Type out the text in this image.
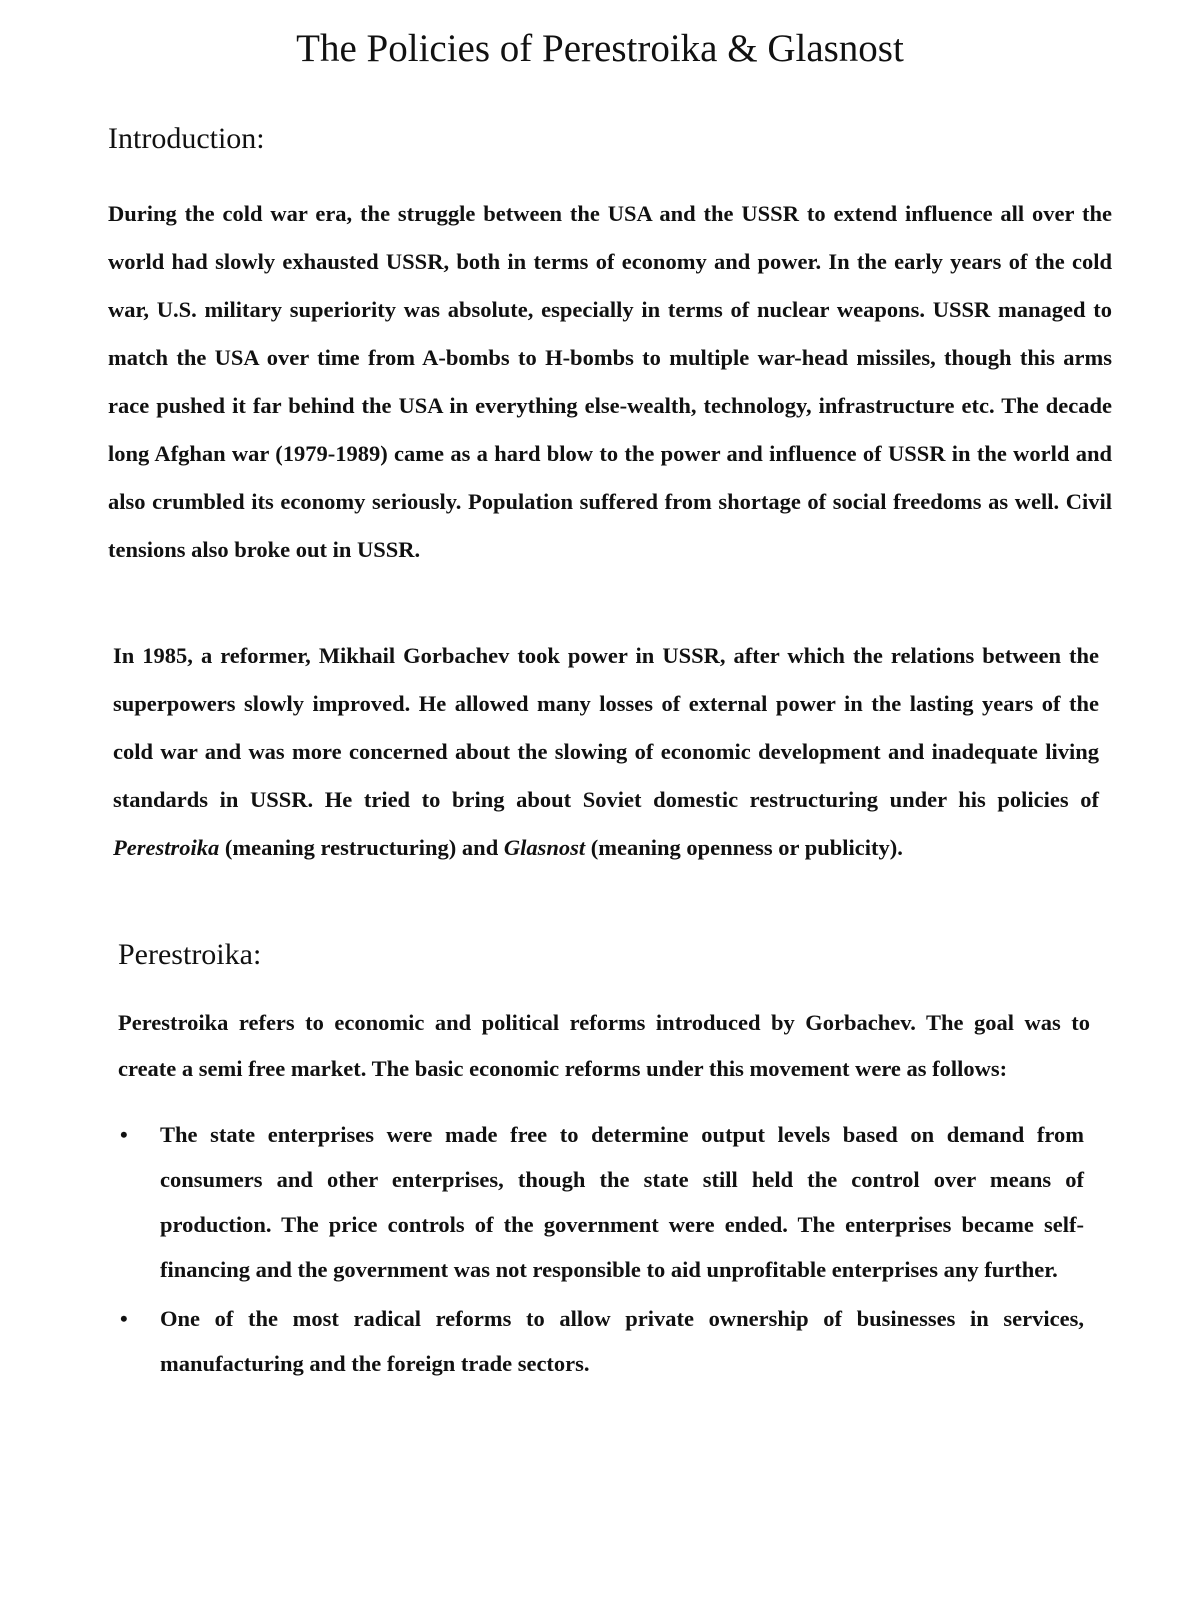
The Policies of Perestroika & Glasnost
Introduction:

During the cold war era, the struggle between the USA and the USSR to extend influence all over the world had slowly exhausted USSR, both in terms of economy and power. In the early years of the cold war, U.S. military superiority was absolute, especially in terms of nuclear weapons. USSR managed to match the USA over time from A-bombs to H-bombs to multiple war-head missiles, though this arms race pushed it far behind the USA in everything else-wealth, technology, infrastructure etc. The decade long Afghan war (1979-1989) came as a hard blow to the power and influence of USSR in the world and also crumbled its economy seriously. Population suffered from shortage of social freedoms as well. Civil tensions also broke out in USSR.

In 1985, a reformer, Mikhail Gorbachev took power in USSR, after which the relations between the superpowers slowly improved. He allowed many losses of external power in the lasting years of the cold war and was more concerned about the slowing of economic development and inadequate living standards in USSR. He tried to bring about Soviet domestic restructuring under his policies of Perestroika (meaning restructuring) and Glasnost (meaning openness or publicity).

Perestroika:

Perestroika refers to economic and political reforms introduced by Gorbachev. The goal was to create a semi free market. The basic economic reforms under this movement were as follows:

• The state enterprises were made free to determine output levels based on demand from consumers and other enterprises, though the state still held the control over means of production. The price controls of the government were ended. The enterprises became self-financing and the government was not responsible to aid unprofitable enterprises any further.
• One of the most radical reforms to allow private ownership of businesses in services, manufacturing and the foreign trade sectors.
